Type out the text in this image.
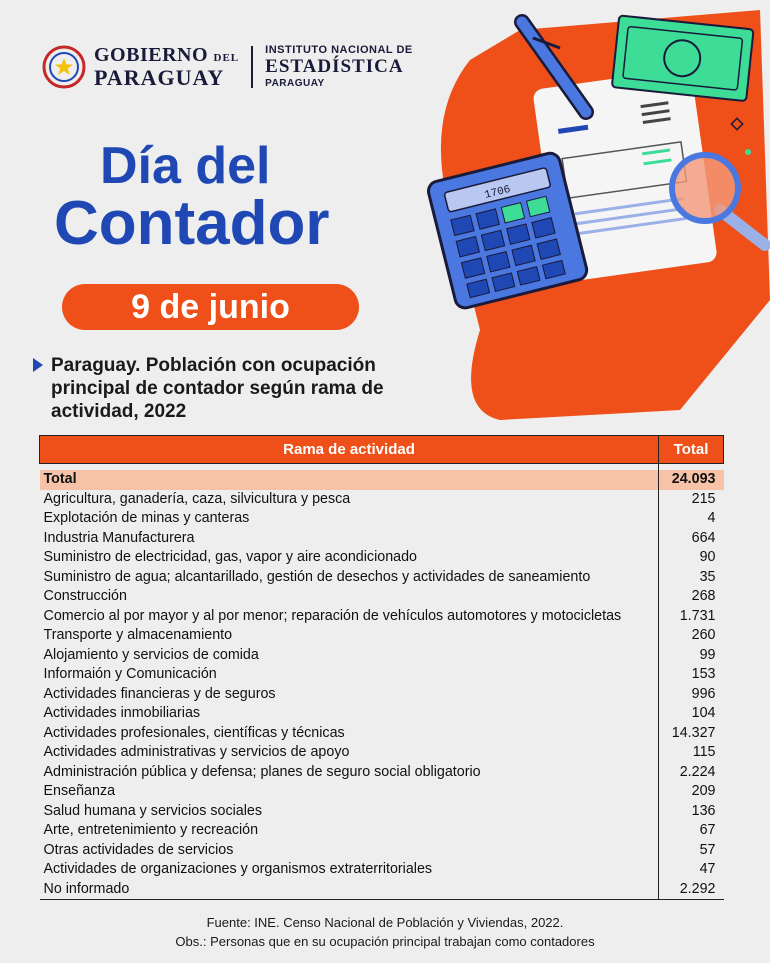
1706
GOBIERNO DEL
PARAGUAY
INSTITUTO NACIONAL DE
ESTADÍSTICA
PARAGUAY
Día del
Contador
9 de junio

Paraguay. Población con ocupación principal de contador según rama de actividad, 2022

Rama de actividad	Total

Total	24.093
Agricultura, ganadería, caza, silvicultura y pesca	215
Explotación de minas y canteras	4
Industria Manufacturera	664
Suministro de electricidad, gas, vapor y aire acondicionado	90
Suministro de agua; alcantarillado, gestión de desechos y actividades de saneamiento	35
Construcción	268
Comercio al por mayor y al por menor; reparación de vehículos automotores y motocicletas	1.731
Transporte y almacenamiento	260
Alojamiento y servicios de comida	99
Informaión y Comunicación	153
Actividades financieras y de seguros	996
Actividades inmobiliarias	104
Actividades profesionales, científicas y técnicas	14.327
Actividades administrativas y servicios de apoyo	115
Administración pública y defensa; planes de seguro social obligatorio	2.224
Enseñanza	209
Salud humana y servicios sociales	136
Arte, entretenimiento y recreación	67
Otras actividades de servicios	57
Actividades de organizaciones y organismos extraterritoriales	47
No informado	2.292
Fuente: INE. Censo Nacional de Población y Viviendas, 2022.
Obs.: Personas que en su ocupación principal trabajan como contadores
